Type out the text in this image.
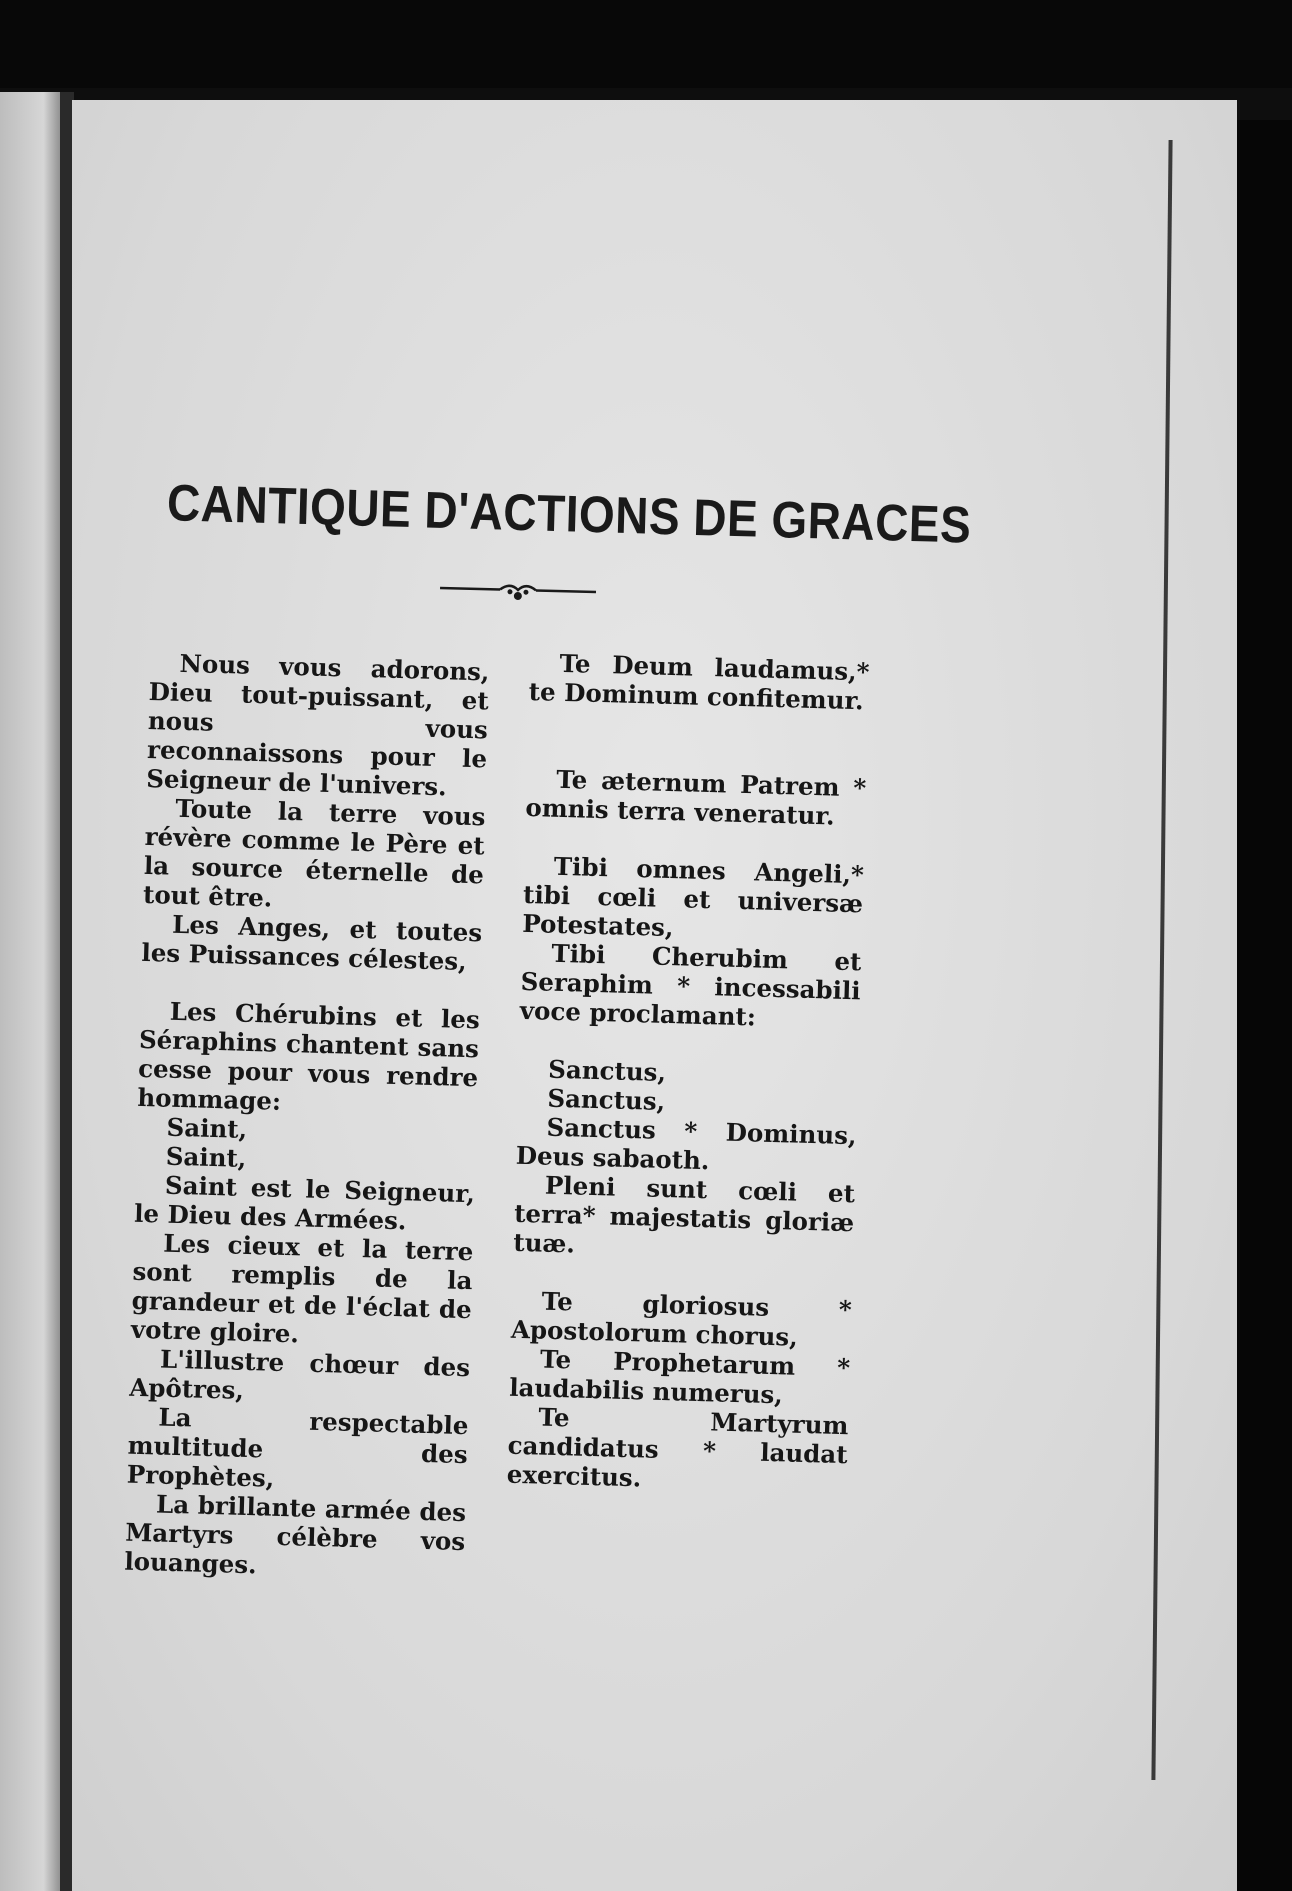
CANTIQUE D'ACTIONS DE GRACES

Nous vous adorons, Dieu tout-puissant, et nous vous reconnaissons pour le Seigneur de l'univers.

Toute la terre vous révère comme le Père et la source éternelle de tout être.

Les Anges, et toutes les Puissances célestes,

Les Chérubins et les Séraphins chantent sans cesse pour vous rendre hommage:

Saint,

Saint,

Saint est le Seigneur, le Dieu des Armées.

Les cieux et la terre sont remplis de la grandeur et de l'éclat de votre gloire.

L'illustre chœur des Apôtres,

La respectable multitude des Prophètes,

La brillante armée des Martyrs célèbre vos louanges.

Te Deum laudamus,* te Dominum confitemur.

Te æternum Patrem * omnis terra veneratur.

Tibi omnes Angeli,* tibi cœli et universæ Potestates,

Tibi Cherubim et Seraphim * incessabili voce proclamant:

Sanctus,

Sanctus,

Sanctus * Dominus, Deus sabaoth.

Pleni sunt cœli et terra* majestatis gloriæ tuæ.

Te gloriosus * Apostolorum chorus,

Te Prophetarum * laudabilis numerus,

Te Martyrum candidatus * laudat exercitus.
